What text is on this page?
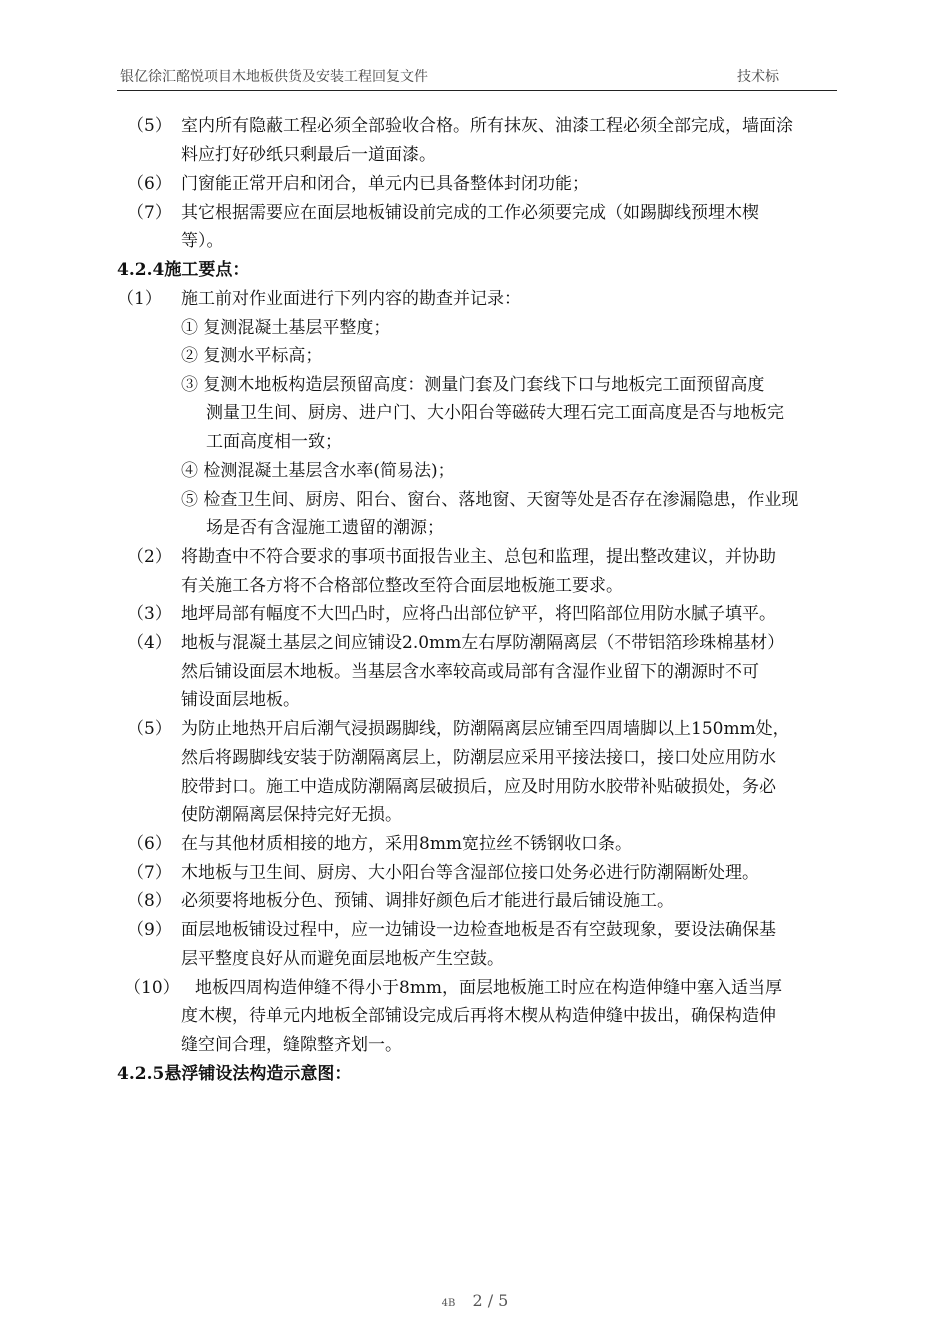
银亿徐汇酩悦项目木地板供货及安装工程回复文件	技术标
（5） 室内所有隐蔽工程必须全部验收合格。所有抹灰、油漆工程必须全部完成，墙面涂
料应打好砂纸只剩最后一道面漆。
（6） 门窗能正常开启和闭合，单元内已具备整体封闭功能；
（7） 其它根据需要应在面层地板铺设前完成的工作必须要完成（如踢脚线预埋木楔
等）。
4.2.4施工要点：
（1） 施工前对作业面进行下列内容的勘查并记录：
① 复测混凝土基层平整度；
② 复测水平标高；
③ 复测木地板构造层预留高度：测量门套及门套线下口与地板完工面预留高度
测量卫生间、厨房、进户门、大小阳台等磁砖大理石完工面高度是否与地板完
工面高度相一致；
④ 检测混凝土基层含水率(简易法)；
⑤ 检查卫生间、厨房、阳台、窗台、落地窗、天窗等处是否存在渗漏隐患，作业现
场是否有含湿施工遗留的潮源；
（2） 将勘查中不符合要求的事项书面报告业主、总包和监理，提出整改建议，并协助
有关施工各方将不合格部位整改至符合面层地板施工要求。
（3） 地坪局部有幅度不大凹凸时，应将凸出部位铲平，将凹陷部位用防水腻子填平。
（4） 地板与混凝土基层之间应铺设2.0mm左右厚防潮隔离层（不带铝箔珍珠棉基材）
然后铺设面层木地板。当基层含水率较高或局部有含湿作业留下的潮源时不可
铺设面层地板。
（5） 为防止地热开启后潮气浸损踢脚线，防潮隔离层应铺至四周墙脚以上150mm处，
然后将踢脚线安装于防潮隔离层上，防潮层应采用平接法接口，接口处应用防水
胶带封口。施工中造成防潮隔离层破损后，应及时用防水胶带补贴破损处，务必
使防潮隔离层保持完好无损。
（6） 在与其他材质相接的地方，采用8mm宽拉丝不锈钢收口条。
（7） 木地板与卫生间、厨房、大小阳台等含湿部位接口处务必进行防潮隔断处理。
（8） 必须要将地板分色、预铺、调排好颜色后才能进行最后铺设施工。
（9） 面层地板铺设过程中，应一边铺设一边检查地板是否有空鼓现象，要设法确保基
层平整度良好从而避免面层地板产生空鼓。
（10） 地板四周构造伸缝不得小于8mm，面层地板施工时应在构造伸缝中塞入适当厚
度木楔，待单元内地板全部铺设完成后再将木楔从构造伸缝中拔出，确保构造伸
缝空间合理，缝隙整齐划一。
4.2.5悬浮铺设法构造示意图：
4B 2 / 5
